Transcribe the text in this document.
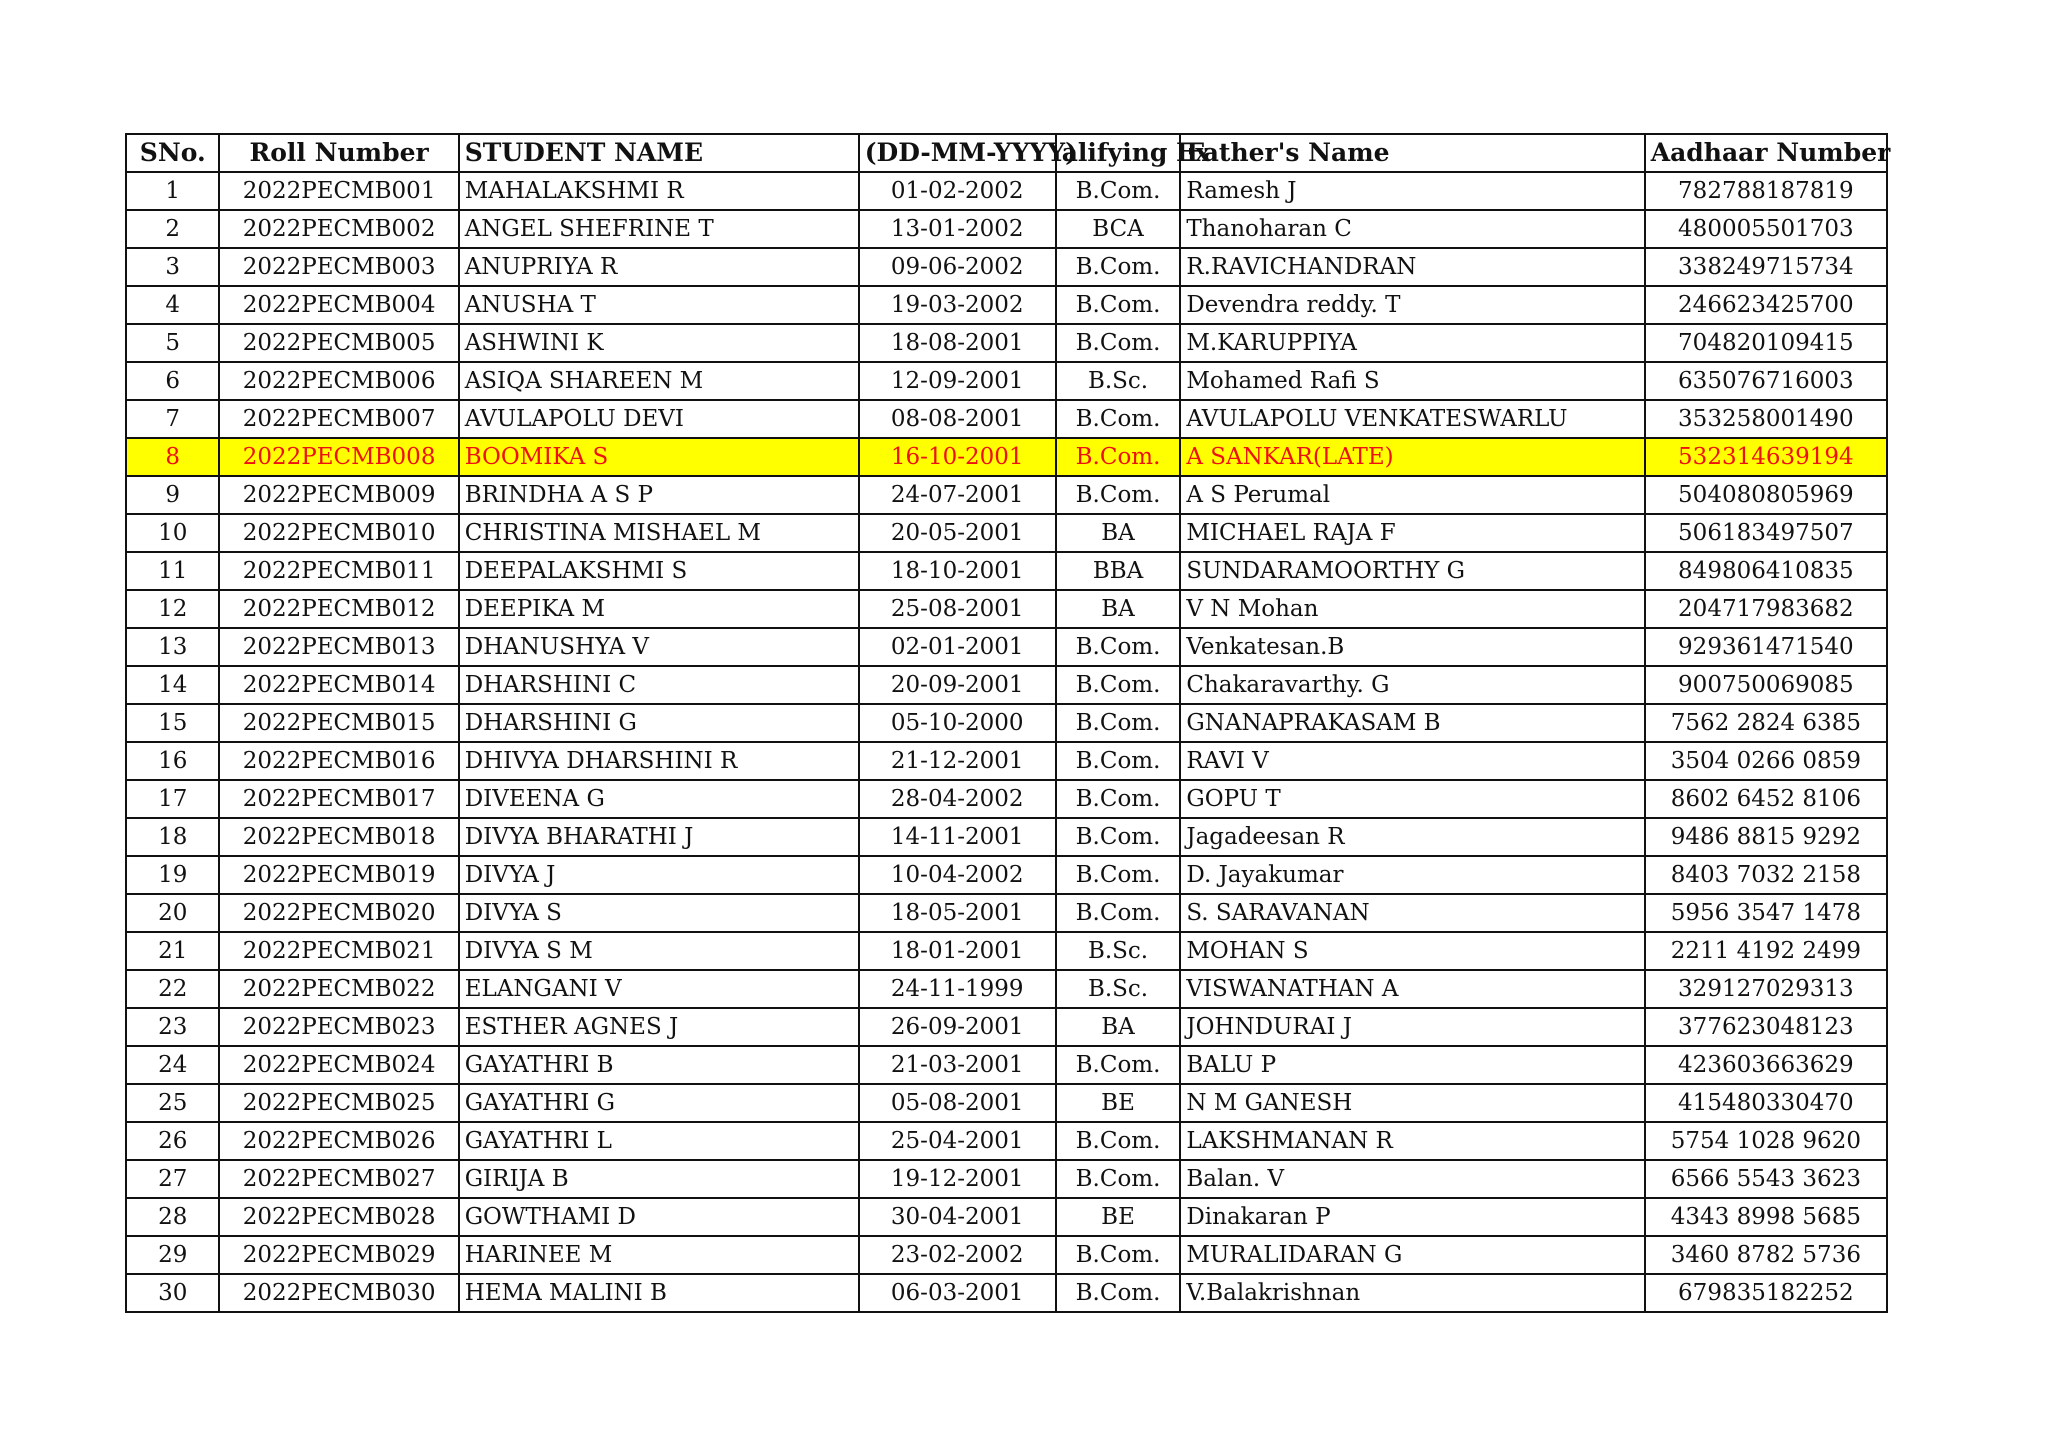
SNo.	Roll Number	STUDENT NAME	(DD-MM-YYYY)	alifying Ex	Father's Name	Aadhaar Number
1	2022PECMB001	MAHALAKSHMI R	01-02-2002	B.Com.	Ramesh J	782788187819
2	2022PECMB002	ANGEL SHEFRINE T	13-01-2002	BCA	Thanoharan C	480005501703
3	2022PECMB003	ANUPRIYA R	09-06-2002	B.Com.	R.RAVICHANDRAN	338249715734
4	2022PECMB004	ANUSHA T	19-03-2002	B.Com.	Devendra reddy. T	246623425700
5	2022PECMB005	ASHWINI K	18-08-2001	B.Com.	M.KARUPPIYA	704820109415
6	2022PECMB006	ASIQA SHAREEN M	12-09-2001	B.Sc.	Mohamed Rafi S	635076716003
7	2022PECMB007	AVULAPOLU DEVI	08-08-2001	B.Com.	AVULAPOLU VENKATESWARLU	353258001490
8	2022PECMB008	BOOMIKA S	16-10-2001	B.Com.	A SANKAR(LATE)	532314639194
9	2022PECMB009	BRINDHA A S P	24-07-2001	B.Com.	A S Perumal	504080805969
10	2022PECMB010	CHRISTINA MISHAEL M	20-05-2001	BA	MICHAEL RAJA F	506183497507
11	2022PECMB011	DEEPALAKSHMI S	18-10-2001	BBA	SUNDARAMOORTHY G	849806410835
12	2022PECMB012	DEEPIKA M	25-08-2001	BA	V N Mohan	204717983682
13	2022PECMB013	DHANUSHYA V	02-01-2001	B.Com.	Venkatesan.B	929361471540
14	2022PECMB014	DHARSHINI C	20-09-2001	B.Com.	Chakaravarthy. G	900750069085
15	2022PECMB015	DHARSHINI G	05-10-2000	B.Com.	GNANAPRAKASAM B	7562 2824 6385
16	2022PECMB016	DHIVYA DHARSHINI R	21-12-2001	B.Com.	RAVI V	3504 0266 0859
17	2022PECMB017	DIVEENA G	28-04-2002	B.Com.	GOPU T	8602 6452 8106
18	2022PECMB018	DIVYA BHARATHI J	14-11-2001	B.Com.	Jagadeesan R	9486 8815 9292
19	2022PECMB019	DIVYA J	10-04-2002	B.Com.	D. Jayakumar	8403 7032 2158
20	2022PECMB020	DIVYA S	18-05-2001	B.Com.	S. SARAVANAN	5956 3547 1478
21	2022PECMB021	DIVYA S M	18-01-2001	B.Sc.	MOHAN S	2211 4192 2499
22	2022PECMB022	ELANGANI V	24-11-1999	B.Sc.	VISWANATHAN A	329127029313
23	2022PECMB023	ESTHER AGNES J	26-09-2001	BA	JOHNDURAI J	377623048123
24	2022PECMB024	GAYATHRI B	21-03-2001	B.Com.	BALU P	423603663629
25	2022PECMB025	GAYATHRI G	05-08-2001	BE	N M GANESH	415480330470
26	2022PECMB026	GAYATHRI L	25-04-2001	B.Com.	LAKSHMANAN R	5754 1028 9620
27	2022PECMB027	GIRIJA B	19-12-2001	B.Com.	Balan. V	6566 5543 3623
28	2022PECMB028	GOWTHAMI D	30-04-2001	BE	Dinakaran P	4343 8998 5685
29	2022PECMB029	HARINEE M	23-02-2002	B.Com.	MURALIDARAN G	3460 8782 5736
30	2022PECMB030	HEMA MALINI B	06-03-2001	B.Com.	V.Balakrishnan	679835182252
